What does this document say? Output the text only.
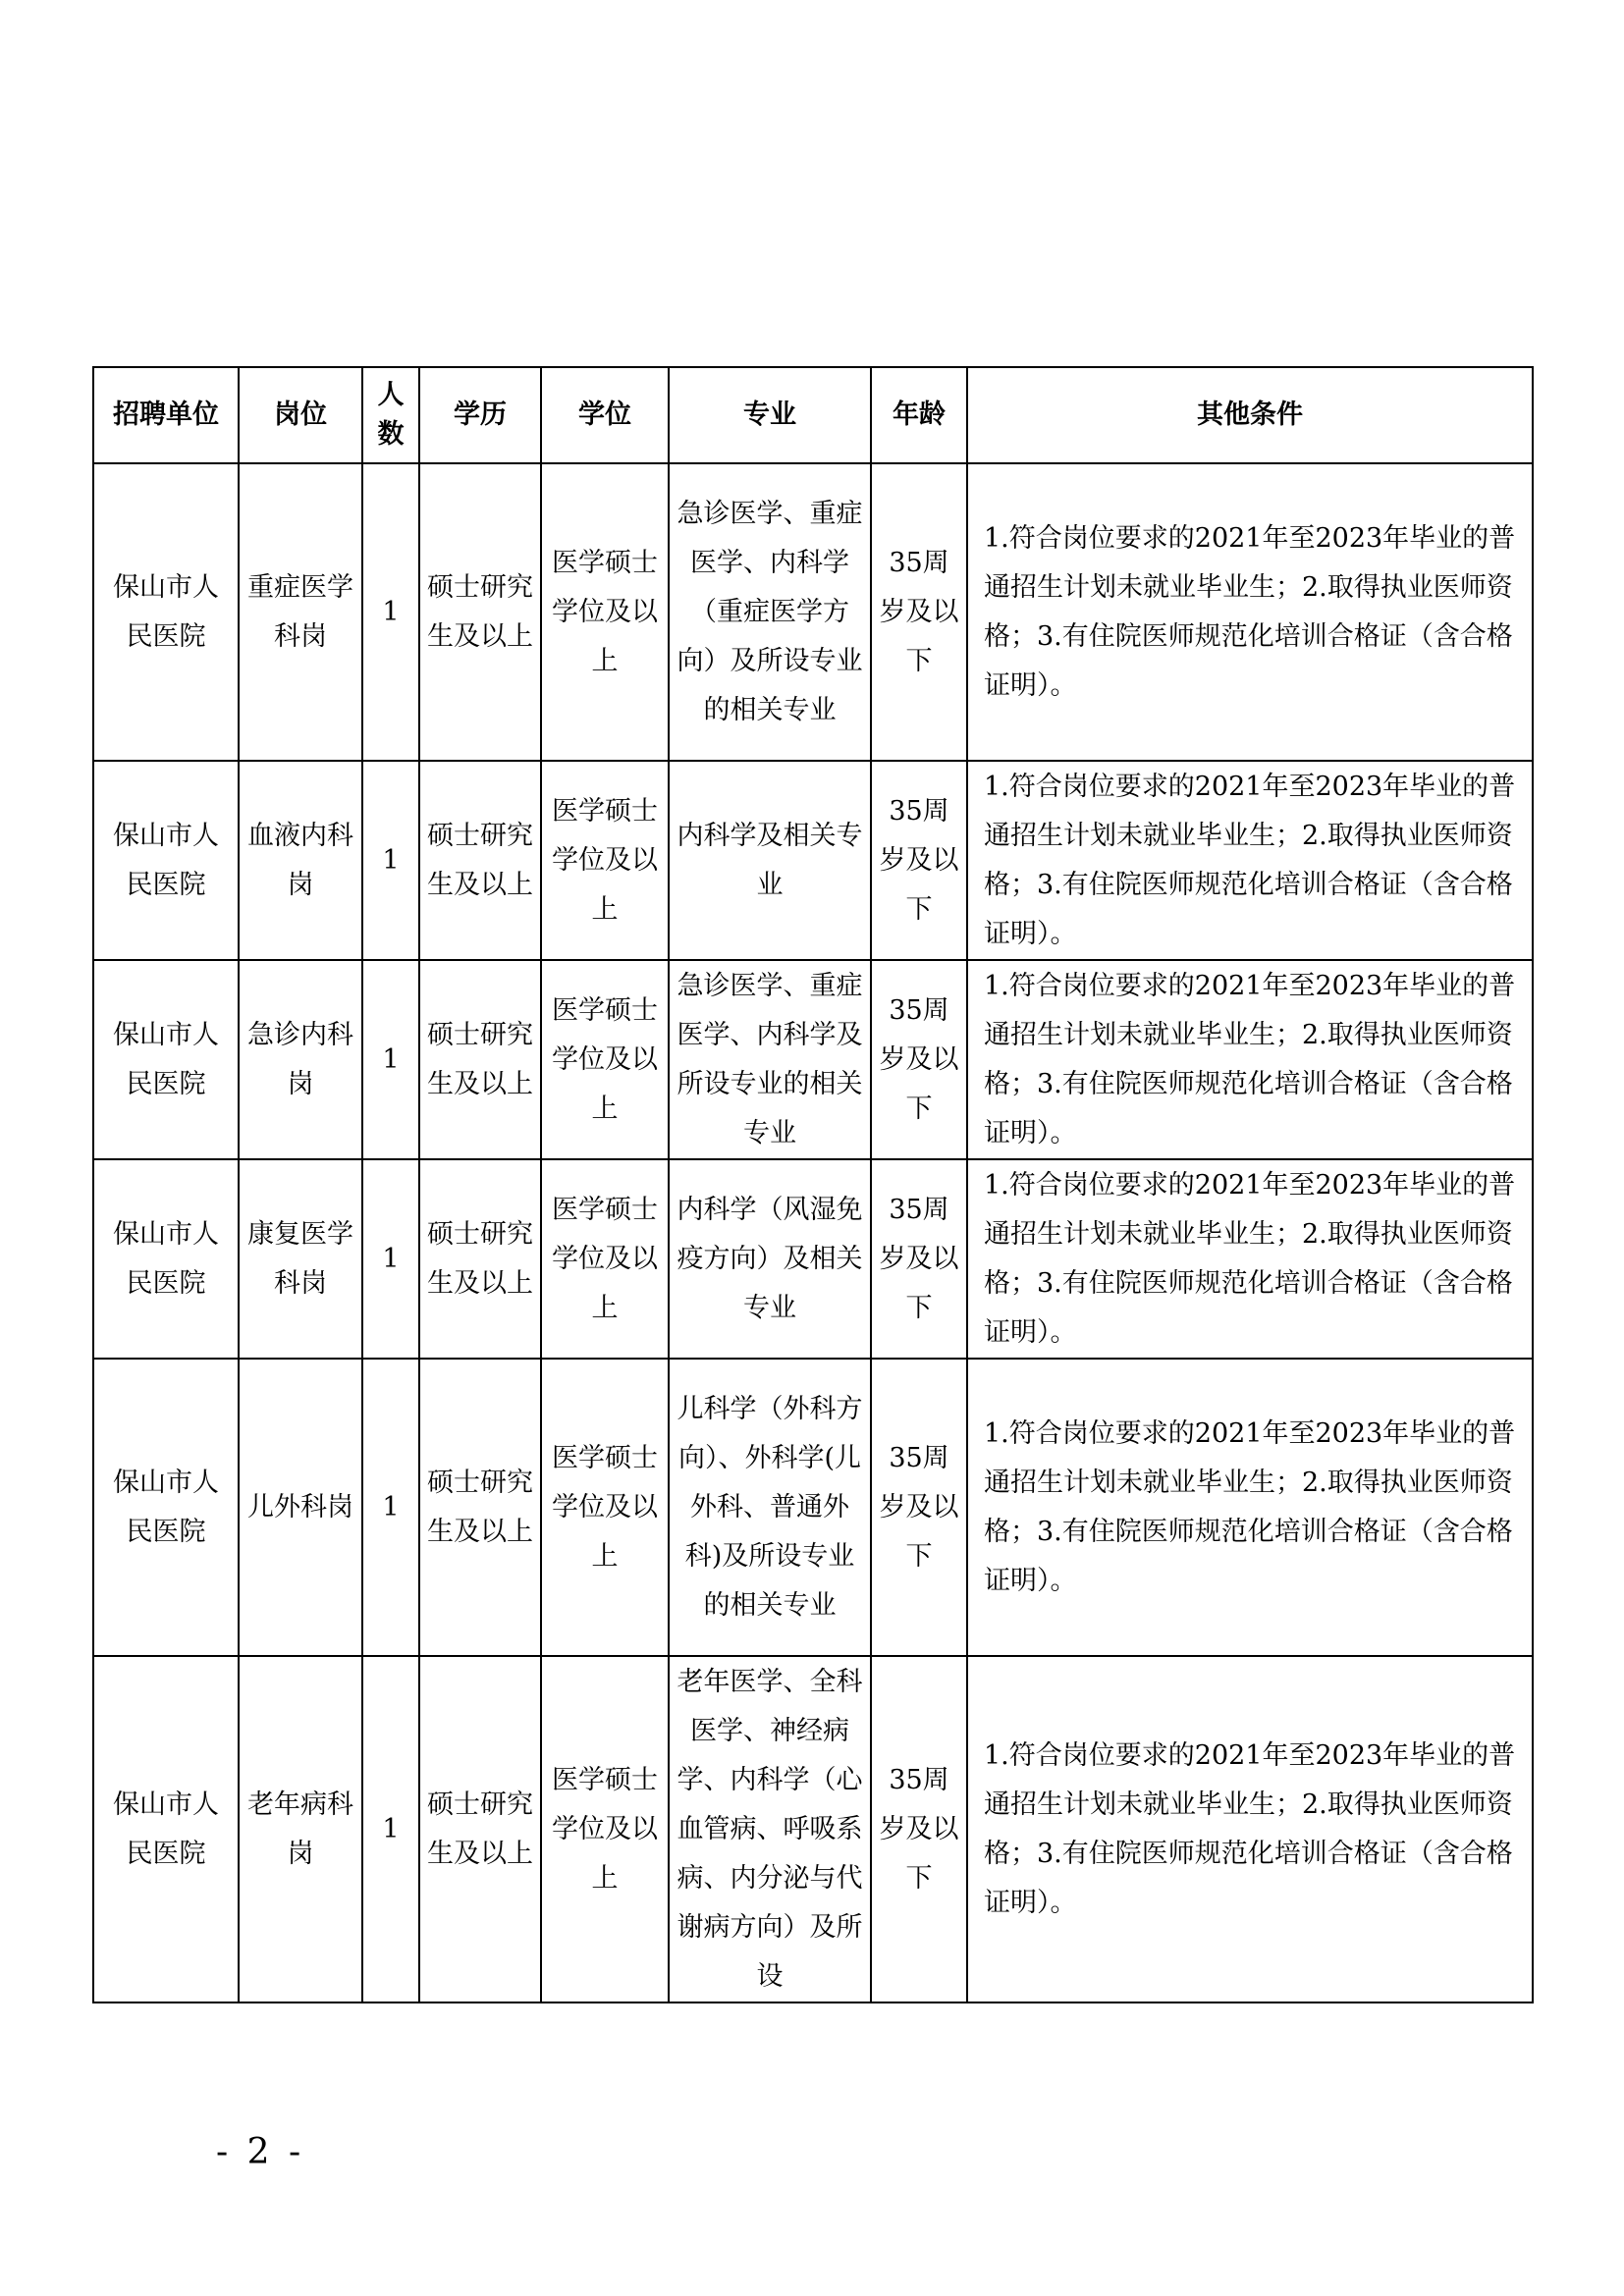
招聘单位	岗位	人数	学历	学位	专业	年龄	其他条件
保山市人民医院	重症医学科岗	1	硕士研究生及以上	医学硕士学位及以上	急诊医学、重症医学、内科学（重症医学方向）及所设专业的相关专业	35周岁及以下	1.符合岗位要求的2021年至2023年毕业的普通招生计划未就业毕业生；2.取得执业医师资格；3.有住院医师规范化培训合格证（含合格证明）。
保山市人民医院	血液内科岗	1	硕士研究生及以上	医学硕士学位及以上	内科学及相关专业	35周岁及以下	1.符合岗位要求的2021年至2023年毕业的普通招生计划未就业毕业生；2.取得执业医师资格；3.有住院医师规范化培训合格证（含合格证明）。
保山市人民医院	急诊内科岗	1	硕士研究生及以上	医学硕士学位及以上	急诊医学、重症医学、内科学及所设专业的相关专业	35周岁及以下	1.符合岗位要求的2021年至2023年毕业的普通招生计划未就业毕业生；2.取得执业医师资格；3.有住院医师规范化培训合格证（含合格证明）。
保山市人民医院	康复医学科岗	1	硕士研究生及以上	医学硕士学位及以上	内科学（风湿免疫方向）及相关专业	35周岁及以下	1.符合岗位要求的2021年至2023年毕业的普通招生计划未就业毕业生；2.取得执业医师资格；3.有住院医师规范化培训合格证（含合格证明）。
保山市人民医院	儿外科岗	1	硕士研究生及以上	医学硕士学位及以上	儿科学（外科方向）、外科学(儿外科、普通外科)及所设专业的相关专业	35周岁及以下	1.符合岗位要求的2021年至2023年毕业的普通招生计划未就业毕业生；2.取得执业医师资格；3.有住院医师规范化培训合格证（含合格证明）。
保山市人民医院	老年病科岗	1	硕士研究生及以上	医学硕士学位及以上	老年医学、全科医学、神经病学、内科学（心血管病、呼吸系病、内分泌与代谢病方向）及所设	35周岁及以下	1.符合岗位要求的2021年至2023年毕业的普通招生计划未就业毕业生；2.取得执业医师资格；3.有住院医师规范化培训合格证（含合格证明）。
- 2 -
